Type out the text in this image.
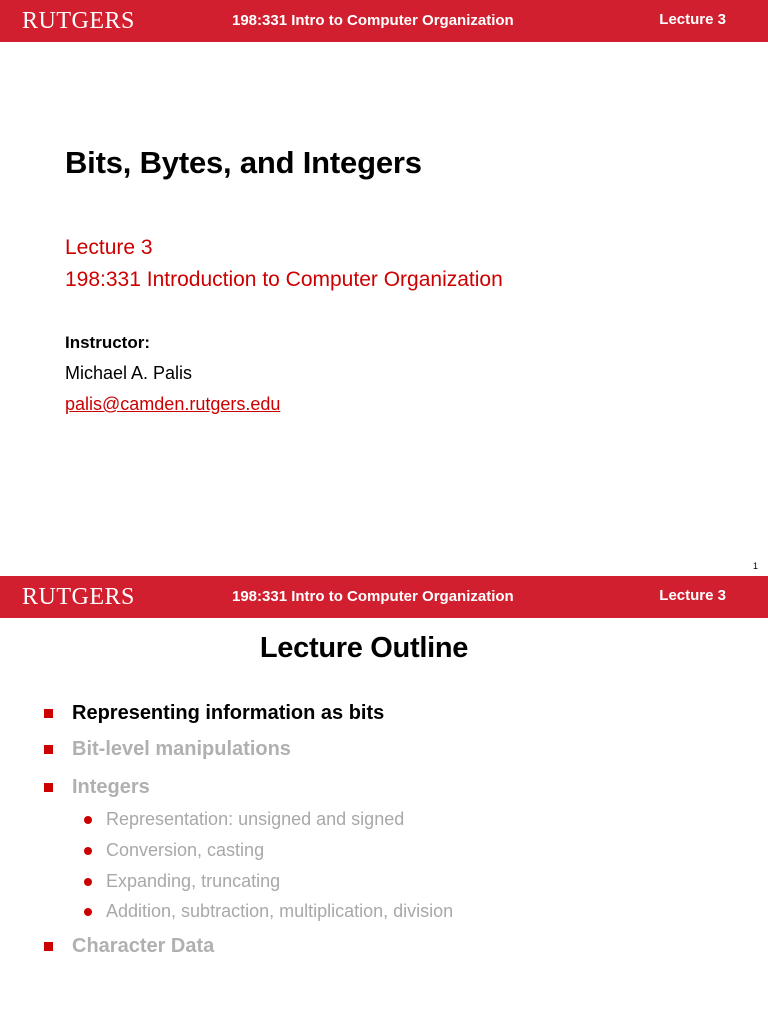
RUTGERS	198:331 Intro to Computer Organization	Lecture 3
Bits, Bytes, and Integers
Lecture 3
198:331 Introduction to Computer Organization
Instructor:
Michael A. Palis
palis@camden.rutgers.edu
1
RUTGERS	198:331 Intro to Computer Organization	Lecture 3
Lecture Outline
Representing information as bits
Bit-level manipulations
Integers
Representation: unsigned and signed
Conversion, casting
Expanding, truncating
Addition, subtraction, multiplication, division
Character Data
